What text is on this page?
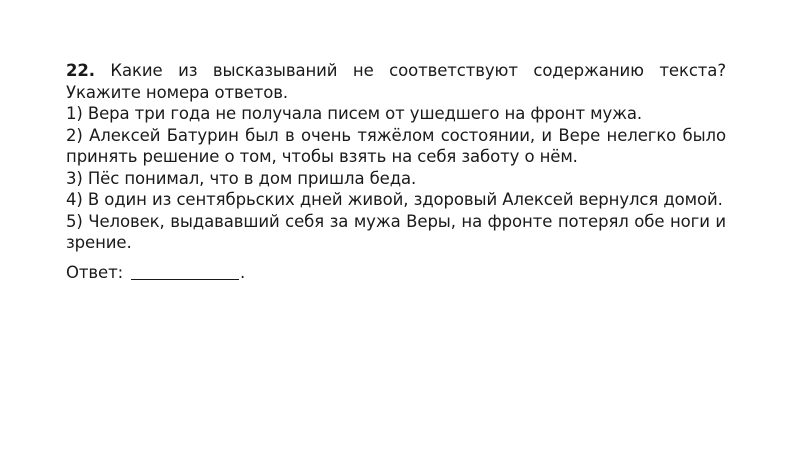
22. Какие из высказываний не соответствуют содержанию текста? Укажите номера ответов.
1) Вера три года не получала писем от ушедшего на фронт мужа.
2) Алексей Батурин был в очень тяжёлом состоянии, и Вере нелегко было принять решение о том, чтобы взять на себя заботу о нём.
3) Пёс понимал, что в дом пришла беда.
4) В один из сентябрьских дней живой, здоровый Алексей вернулся домой.
5) Человек, выдававший себя за мужа Веры, на фронте потерял обе ноги и зрение.
Ответ:	.
